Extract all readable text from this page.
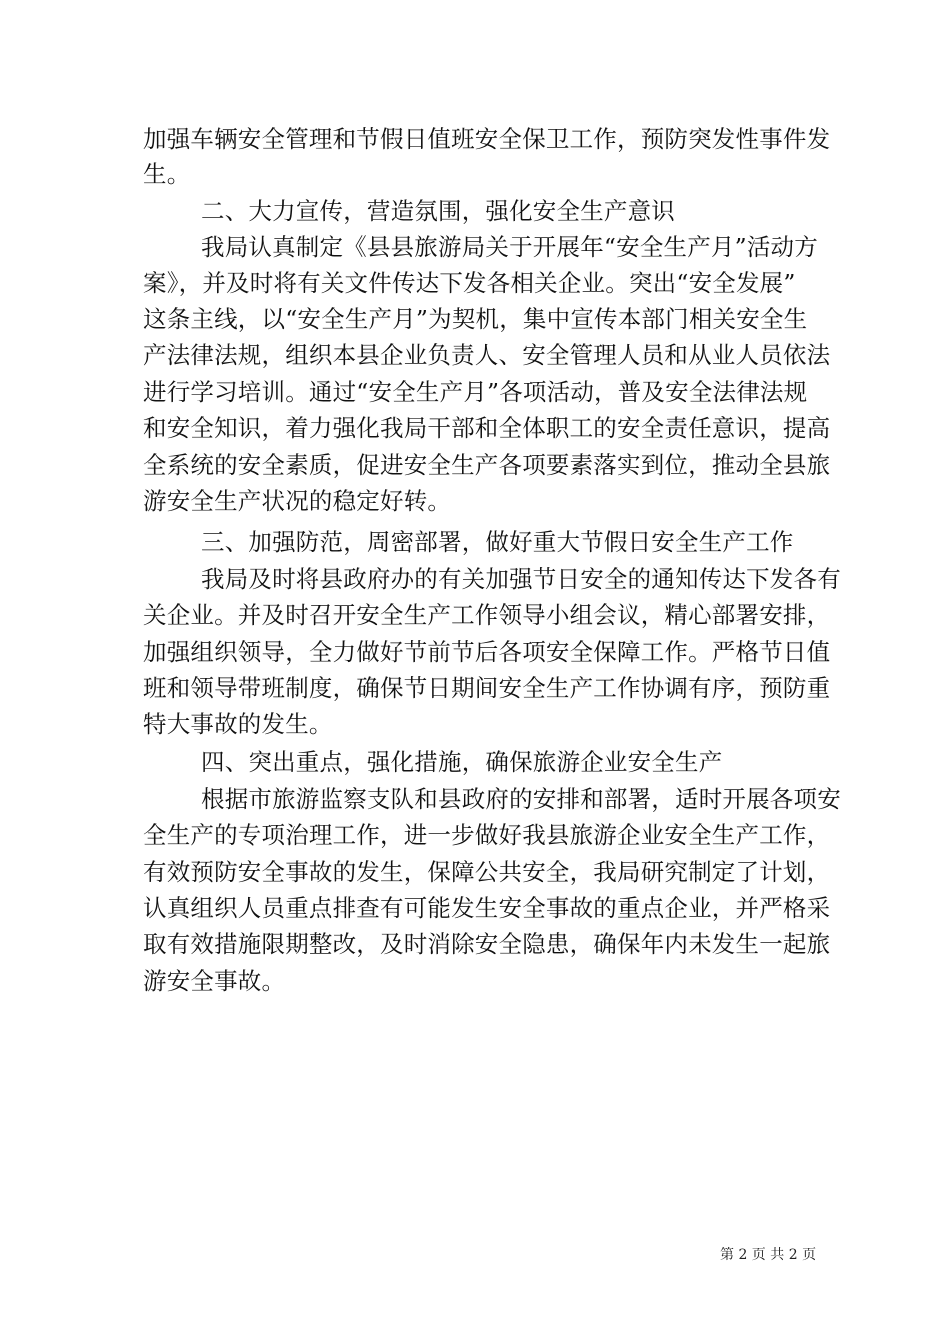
加强车辆安全管理和节假日值班安全保卫工作，预防突发性事件发
生。
二、大力宣传，营造氛围，强化安全生产意识
我局认真制定《县县旅游局关于开展年“安全生产月”活动方
案》，并及时将有关文件传达下发各相关企业。突出“安全发展”
这条主线，以“安全生产月”为契机，集中宣传本部门相关安全生
产法律法规，组织本县企业负责人、安全管理人员和从业人员依法
进行学习培训。通过“安全生产月”各项活动，普及安全法律法规
和安全知识，着力强化我局干部和全体职工的安全责任意识，提高
全系统的安全素质，促进安全生产各项要素落实到位，推动全县旅
游安全生产状况的稳定好转。
三、加强防范，周密部署，做好重大节假日安全生产工作
我局及时将县政府办的有关加强节日安全的通知传达下发各有
关企业。并及时召开安全生产工作领导小组会议，精心部署安排，
加强组织领导，全力做好节前节后各项安全保障工作。严格节日值
班和领导带班制度，确保节日期间安全生产工作协调有序，预防重
特大事故的发生。
四、突出重点，强化措施，确保旅游企业安全生产
根据市旅游监察支队和县政府的安排和部署，适时开展各项安
全生产的专项治理工作，进一步做好我县旅游企业安全生产工作，
有效预防安全事故的发生，保障公共安全，我局研究制定了计划，
认真组织人员重点排查有可能发生安全事故的重点企业，并严格采
取有效措施限期整改，及时消除安全隐患，确保年内未发生一起旅
游安全事故。
第 2 页 共 2 页
